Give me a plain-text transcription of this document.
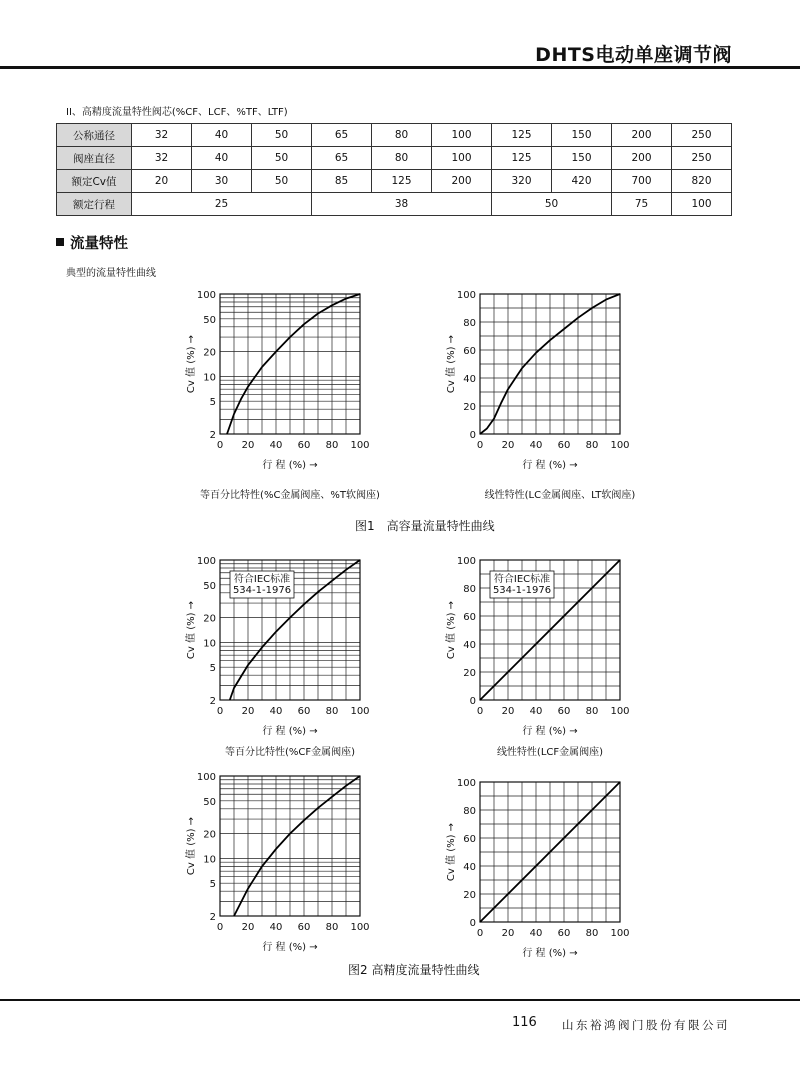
DHTS电动单座调节阀
II、高精度流量特性阀芯(%CF、LCF、%TF、LTF)
公称通径	32	40	50	65	80	100	125	150	200	250
阀座直径	32	40	50	65	80	100	125	150	200	250
额定Cv值	20	30	50	85	125	200	320	420	700	820
额定行程	25			38			50		75	100
流量特性
典型的流量特性曲线
0 20 40 60 80 100
2
5
10
20
50
100
行 程 (%) →
Cv 值 (%) →
0 20 40 60 80 100
0
20
40
60
80
100
行 程 (%) →
Cv 值 (%) →
等百分比特性(%C金属阀座、%T软阀座)	线性特性(LC金属阀座、LT软阀座)
图1　高容量流量特性曲线
0 20 40 60 80 100
2
5
10
20
50
100
行 程 (%) →
Cv 值 (%) →
符合IEC标准
534-1-1976
0 20 40 60 80 100
0
20
40
60
80
100
行 程 (%) →
Cv 值 (%) →
符合IEC标准
534-1-1976
等百分比特性(%CF金属阀座)	线性特性(LCF金属阀座)
0 20 40 60 80 100
2
5
10
20
50
100
行 程 (%) →
Cv 值 (%) →
0 20 40 60 80 100
0
20
40
60
80
100
行 程 (%) →
Cv 值 (%) →
图2 高精度流量特性曲线
116 山东裕鸿阀门股份有限公司
